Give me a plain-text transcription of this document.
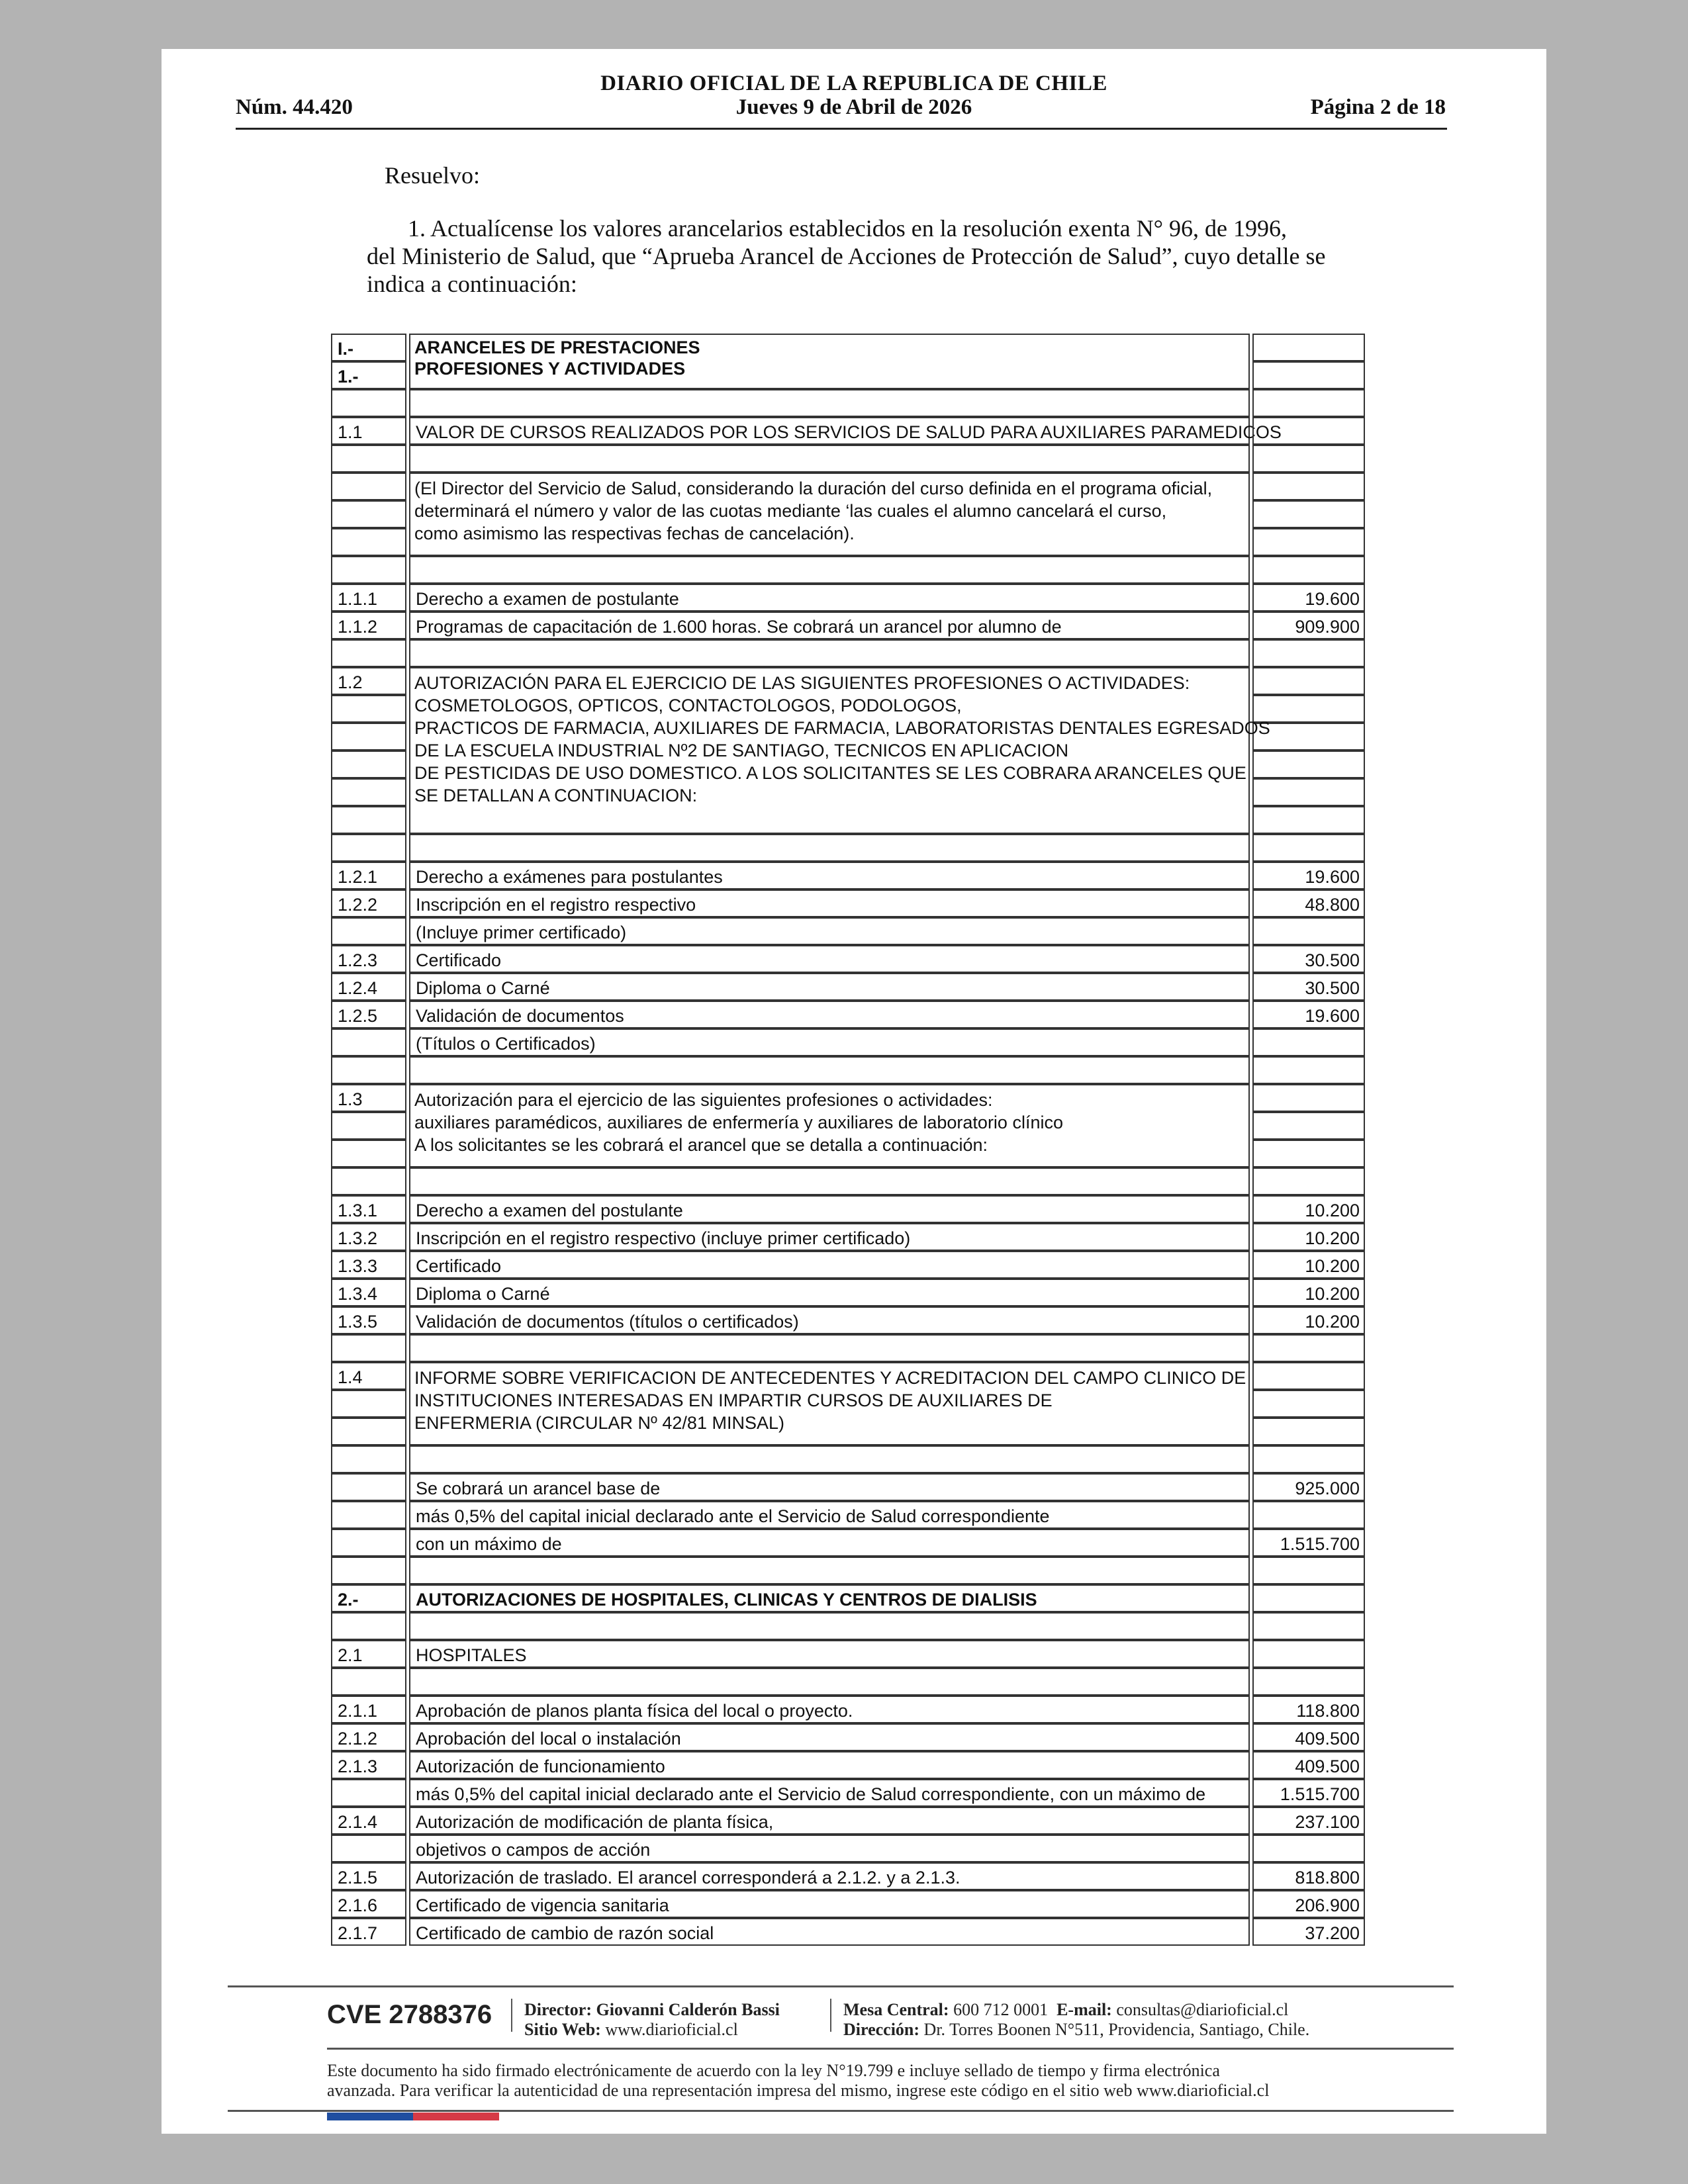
DIARIO OFICIAL DE LA REPUBLICA DE CHILE
Núm. 44.420	Jueves 9 de Abril de 2026	Página 2 de 18
Resuelvo:

1. Actualícense los valores arancelarios establecidos en la resolución exenta N° 96, de 1996,

del Ministerio de Salud, que “Aprueba Arancel de Acciones de Protección de Salud”, cuyo detalle se

indica a continuación:

I.-	ARANCELES DE PRESTACIONES
1.-	PROFESIONES Y ACTIVIDADES
1.1	VALOR DE CURSOS REALIZADOS POR LOS SERVICIOS DE SALUD PARA AUXILIARES PARAMEDICOS
(El Director del Servicio de Salud, considerando la duración del curso definida en el programa oficial,
determinará el número y valor de las cuotas mediante ‘las cuales el alumno cancelará el curso,
como asimismo las respectivas fechas de cancelación).
1.1.1	Derecho a examen de postulante	19.600
1.1.2	Programas de capacitación de 1.600 horas. Se cobrará un arancel por alumno de	909.900
1.2	AUTORIZACIÓN PARA EL EJERCICIO DE LAS SIGUIENTES PROFESIONES O ACTIVIDADES:
COSMETOLOGOS, OPTICOS, CONTACTOLOGOS, PODOLOGOS,
PRACTICOS DE FARMACIA, AUXILIARES DE FARMACIA, LABORATORISTAS DENTALES EGRESADOS
DE LA ESCUELA INDUSTRIAL Nº2 DE SANTIAGO, TECNICOS EN APLICACION
DE PESTICIDAS DE USO DOMESTICO. A LOS SOLICITANTES SE LES COBRARA ARANCELES QUE
SE DETALLAN A CONTINUACION:
1.2.1	Derecho a exámenes para postulantes	19.600
1.2.2	Inscripción en el registro respectivo	48.800
(Incluye primer certificado)
1.2.3	Certificado	30.500
1.2.4	Diploma o Carné	30.500
1.2.5	Validación de documentos	19.600
(Títulos o Certificados)
1.3	Autorización para el ejercicio de las siguientes profesiones o actividades:
auxiliares paramédicos, auxiliares de enfermería y auxiliares de laboratorio clínico
A los solicitantes se les cobrará el arancel que se detalla a continuación:
1.3.1	Derecho a examen del postulante	10.200
1.3.2	Inscripción en el registro respectivo (incluye primer certificado)	10.200
1.3.3	Certificado	10.200
1.3.4	Diploma o Carné	10.200
1.3.5	Validación de documentos (títulos o certificados)	10.200
1.4	INFORME SOBRE VERIFICACION DE ANTECEDENTES Y ACREDITACION DEL CAMPO CLINICO DE
INSTITUCIONES INTERESADAS EN IMPARTIR CURSOS DE AUXILIARES DE
ENFERMERIA (CIRCULAR Nº 42/81 MINSAL)
Se cobrará un arancel base de	925.000
más 0,5% del capital inicial declarado ante el Servicio de Salud correspondiente
con un máximo de	1.515.700
2.-	AUTORIZACIONES DE HOSPITALES, CLINICAS Y CENTROS DE DIALISIS
2.1	HOSPITALES
2.1.1	Aprobación de planos planta física del local o proyecto.	118.800
2.1.2	Aprobación del local o instalación	409.500
2.1.3	Autorización de funcionamiento	409.500
más 0,5% del capital inicial declarado ante el Servicio de Salud correspondiente, con un máximo de	1.515.700
2.1.4	Autorización de modificación de planta física,	237.100
objetivos o campos de acción
2.1.5	Autorización de traslado. El arancel corresponderá a 2.1.2. y a 2.1.3.	818.800
2.1.6	Certificado de vigencia sanitaria	206.900
2.1.7	Certificado de cambio de razón social	37.200
CVE 2788376 Director: Giovanni Calderón Bassi
Sitio Web: www.diarioficial.cl
Mesa Central: 600 712 0001 E-mail: consultas@diarioficial.cl
Dirección: Dr. Torres Boonen N°511, Providencia, Santiago, Chile.
Este documento ha sido firmado electrónicamente de acuerdo con la ley N°19.799 e incluye sellado de tiempo y firma electrónica
avanzada. Para verificar la autenticidad de una representación impresa del mismo, ingrese este código en el sitio web www.diarioficial.cl
